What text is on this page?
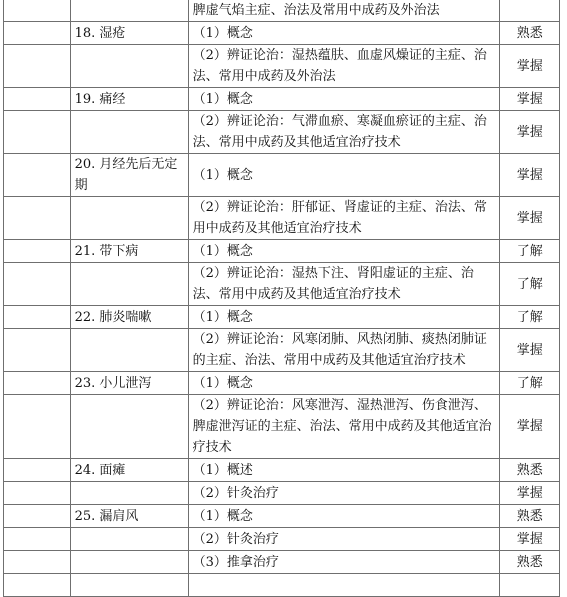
		脾虚气焰主症、治法及常用中成药及外治法	
	18. 湿疮	（1）概念	熟悉
		（2）辨证论治：湿热蕴肤、血虚风燥证的主症、治法、常用中成药及外治法	掌握
	19. 痛经	（1）概念	掌握
		（2）辨证论治：气滞血瘀、寒凝血瘀证的主症、治法、常用中成药及其他适宜治疗技术	掌握
	20. 月经先后无定期	（1）概念	掌握
		（2）辨证论治：肝郁证、肾虚证的主症、治法、常用中成药及其他适宜治疗技术	掌握
	21. 带下病	（1）概念	了解
		（2）辨证论治：湿热下注、肾阳虚证的主症、治法、常用中成药及其他适宜治疗技术	了解
	22. 肺炎喘嗽	（1）概念	了解
		（2）辨证论治：风寒闭肺、风热闭肺、痰热闭肺证的主症、治法、常用中成药及其他适宜治疗技术	掌握
	23. 小儿泄泻	（1）概念	了解
		（2）辨证论治：风寒泄泻、湿热泄泻、伤食泄泻、脾虚泄泻证的主症、治法、常用中成药及其他适宜治疗技术	掌握
	24. 面瘫	（1）概述	熟悉
		（2）针灸治疗	掌握
	25. 漏肩风	（1）概念	熟悉
		（2）针灸治疗	掌握
		（3）推拿治疗	熟悉
